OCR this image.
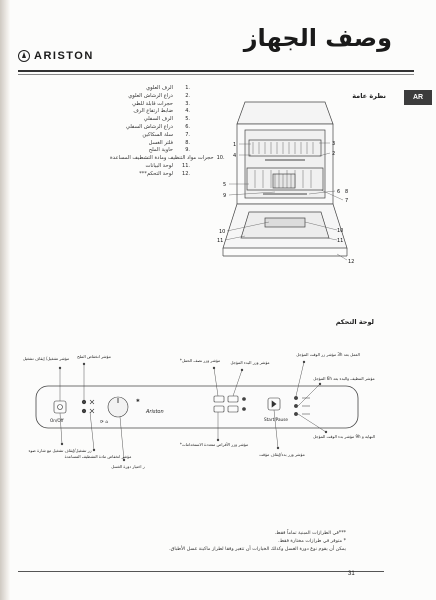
وصف الجهاز
ARISTON
AR
نظرة عامة
الرف العلوي	1.
ذراع الرشاش العلوي	2.
حجرات قابلة للطي	3.
ضابط ارتفاع الرف	4.
الرف السفلي	5.
ذراع الرشاش السفلي	6.
سلة السكاكين	7.
فلتر الغسل	8.
حاوية الملح	9.
حجرات مواد التنظيف ومادة التشطيف المساعدة 10.
لوحة البيانات	11.
لوحة التحكم***	12.
1
4
5
9
10
11
3
2
6
7
8
10
11
12
لوحة التحكم
⟳ ⌂
✱
On/Off
Ariston
Start/Pause
مؤشر تشغيل/ إيقاف تشغيل مؤشر انخفاض الملح
مؤشر وزر نصف الحمل*	مؤشر وزر البدء المؤجل
العمل بعد 3h مؤشر زر الوقت المؤجل
مؤشر التنظيف والبدء بعد 6h المؤجل
النهاية و 9h مؤشر بدء الوقت المؤجل
مؤشر وزر بدء/إيقاف مؤقت
مؤشر وزر الأقراص متعددة الاستخدامات*
ر اختيار دورة الغسل
مؤشر انخفاض مادة التشطيف المساعدة
زر تشغيل/إيقاف تشغيل مع شارة ضوء
***في الطرازات المبنية تماماً فقط.
* متوفر في طرازات مختارة فقط.
يمكن أن يقوم نوع دورة الغسل وكذلك الخيارات أن تتغير وفقا لطراز ماكينة غسل الأطباق.
31
